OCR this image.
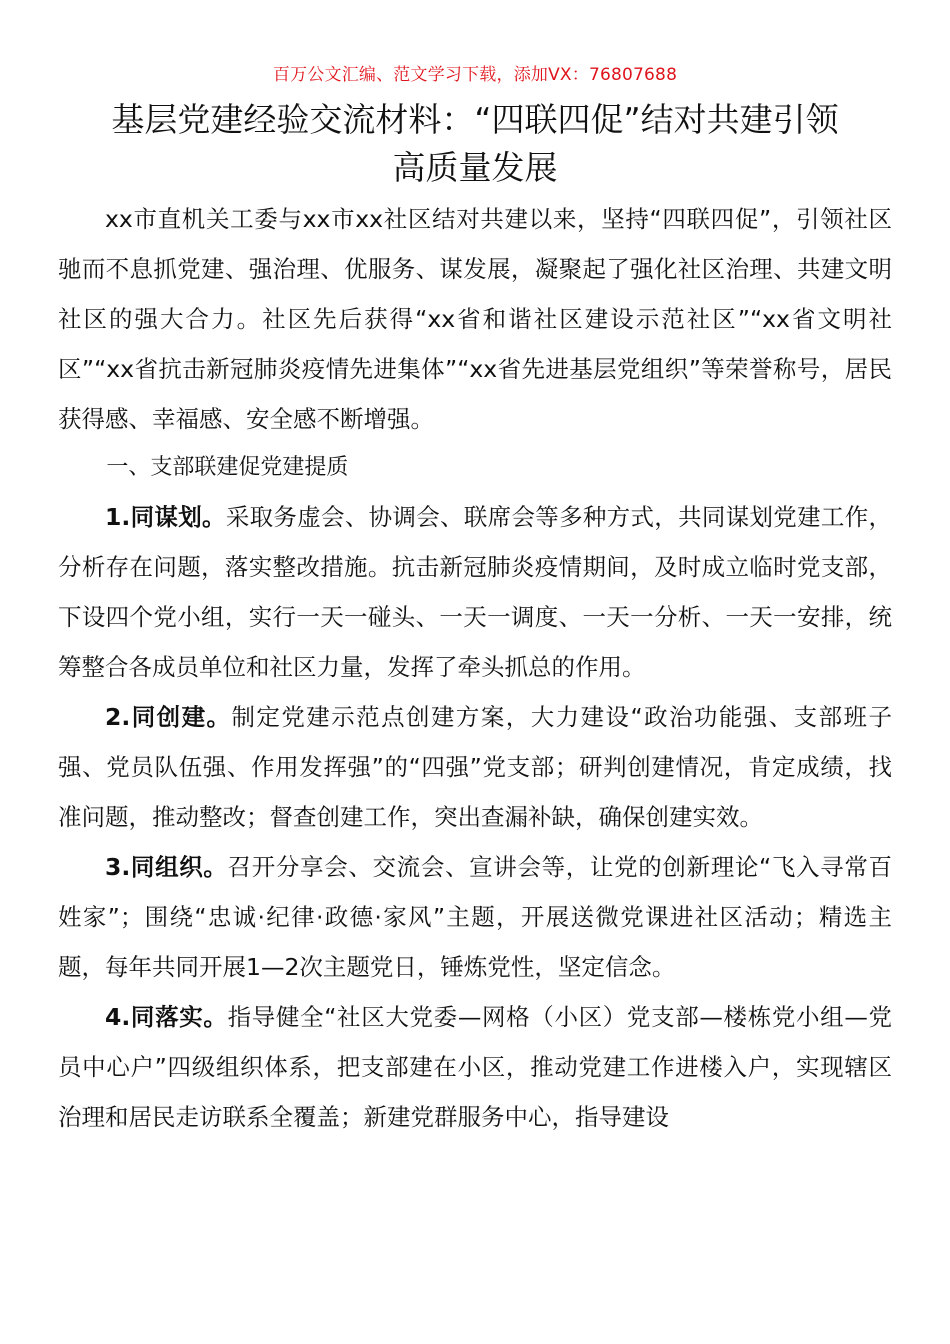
百万公文汇编、范文学习下载，添加VX：76807688
基层党建经验交流材料：“四联四促”结对共建引领
高质量发展

xx市直机关工委与xx市xx社区结对共建以来，坚持“四联四促”，引领社区驰而不息抓党建、强治理、优服务、谋发展，凝聚起了强化社区治理、共建文明社区的强大合力。社区先后获得“xx省和谐社区建设示范社区”“xx省文明社区”“xx省抗击新冠肺炎疫情先进集体”“xx省先进基层党组织”等荣誉称号，居民获得感、幸福感、安全感不断增强。

一、支部联建促党建提质

1.同谋划。采取务虚会、协调会、联席会等多种方式，共同谋划党建工作，分析存在问题，落实整改措施。抗击新冠肺炎疫情期间，及时成立临时党支部，下设四个党小组，实行一天一碰头、一天一调度、一天一分析、一天一安排，统筹整合各成员单位和社区力量，发挥了牵头抓总的作用。

2.同创建。制定党建示范点创建方案，大力建设“政治功能强、支部班子强、党员队伍强、作用发挥强”的“四强”党支部；研判创建情况，肯定成绩，找准问题，推动整改；督查创建工作，突出查漏补缺，确保创建实效。

3.同组织。召开分享会、交流会、宣讲会等，让党的创新理论“飞入寻常百姓家”；围绕“忠诚·纪律·政德·家风”主题，开展送微党课进社区活动；精选主题，每年共同开展1—2次主题党日，锤炼党性，坚定信念。

4.同落实。指导健全“社区大党委—网格（小区）党支部—楼栋党小组—党员中心户”四级组织体系，把支部建在小区，推动党建工作进楼入户，实现辖区治理和居民走访联系全覆盖；新建党群服务中心，指导建设
